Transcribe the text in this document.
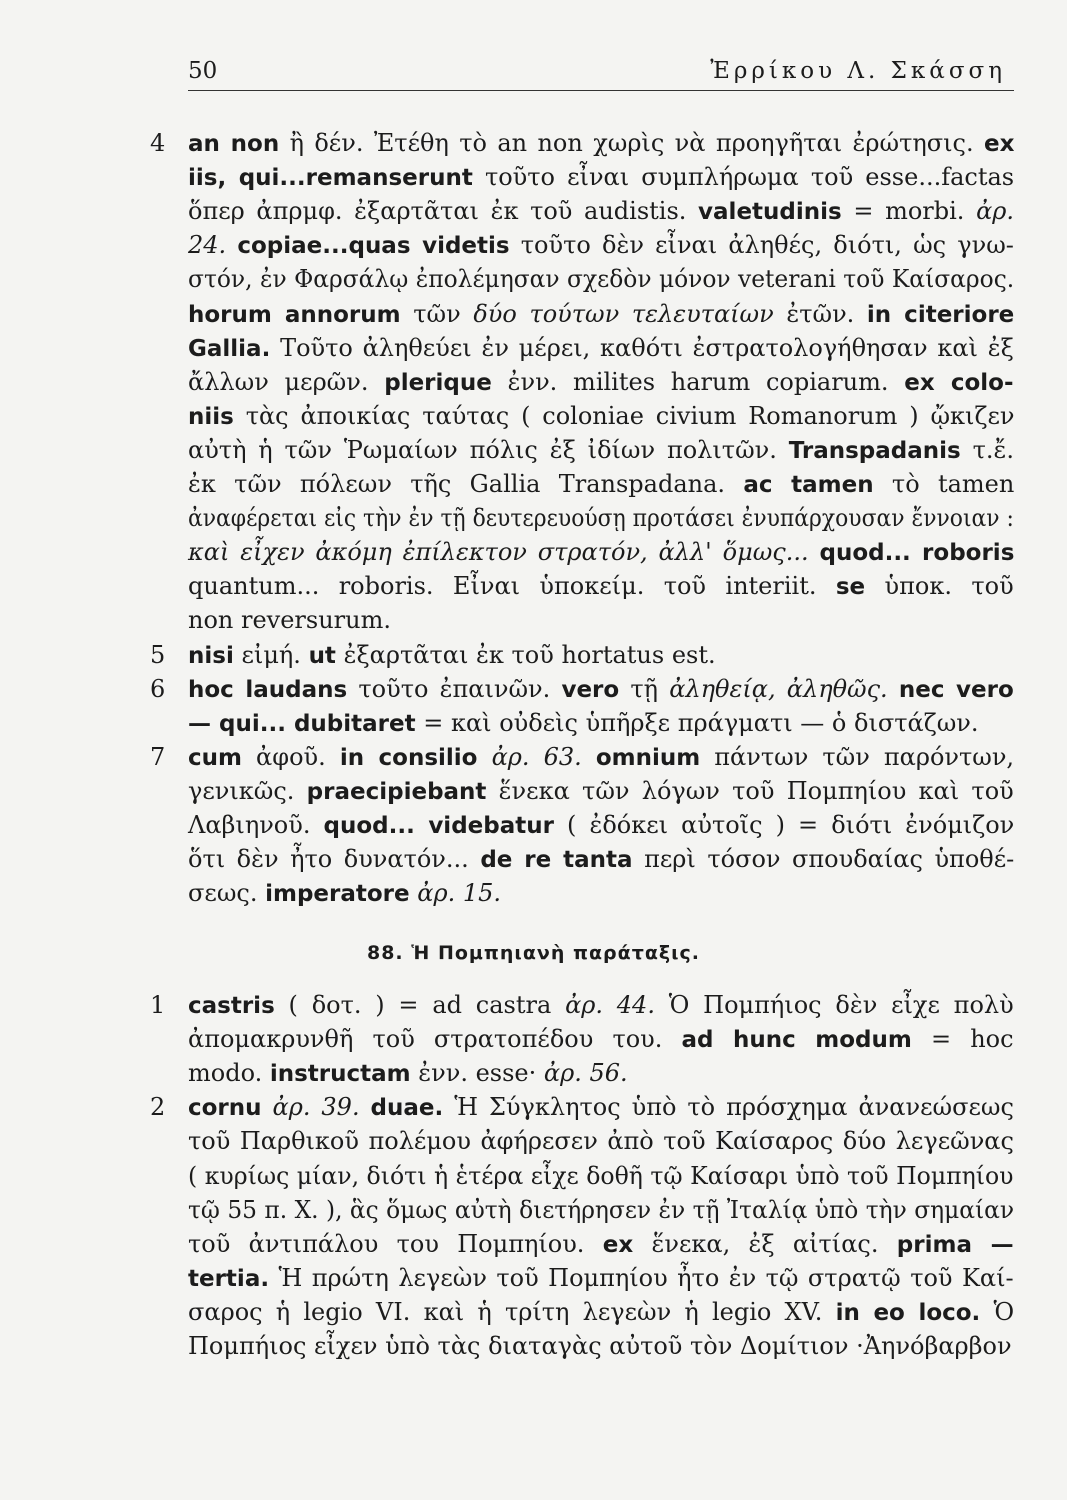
50	Ἐρρίκου Λ. Σκάσση
4 an non ἢ δέν. Ἐτέθη τὸ an non χωρὶς νὰ προηγῆται ἐρώτησις. ex
iis, qui...remanserunt τοῦτο εἶναι συμπλήρωμα τοῦ esse...factas
ὅπερ ἀπρμφ. ἐξαρτᾶται ἐκ τοῦ audistis. valetudinis = morbi. ἀρ.
24. copiae...quas videtis τοῦτο δὲν εἶναι ἀληθές, διότι, ὡς γνω-
στόν, ἐν Φαρσάλῳ ἐπολέμησαν σχεδὸν μόνον veterani τοῦ Καίσαρος.
horum annorum τῶν δύο τούτων τελευταίων ἐτῶν. in citeriore
Gallia. Τοῦτο ἀληθεύει ἐν μέρει, καθότι ἐστρατολογήθησαν καὶ ἐξ
ἄλλων μερῶν. plerique ἐνν. milites harum copiarum. ex colo-
niis τὰς ἀποικίας ταύτας ( coloniae civium Romanorum ) ᾤκιζεν
αὐτὴ ἡ τῶν Ῥωμαίων πόλις ἐξ ἰδίων πολιτῶν. Transpadanis τ.ἔ.
ἐκ τῶν πόλεων τῆς Gallia Transpadana. ac tamen τὸ tamen
ἀναφέρεται εἰς τὴν ἐν τῇ δευτερευούσῃ προτάσει ἐνυπάρχουσαν ἔννοιαν :
καὶ εἶχεν ἀκόμη ἐπίλεκτον στρατόν, ἀλλ' ὅμως... quod... roboris
quantum... roboris. Εἶναι ὑποκείμ. τοῦ interiit. se ὑποκ. τοῦ
non reversurum.
5 nisi εἰμή. ut ἐξαρτᾶται ἐκ τοῦ hortatus est.
6 hoc laudans τοῦτο ἐπαινῶν. vero τῇ ἀληθείᾳ, ἀληθῶς. nec vero
— qui... dubitaret = καὶ οὐδεὶς ὑπῆρξε πράγματι — ὁ διστάζων.
7 cum ἀφοῦ. in consilio ἀρ. 63. omnium πάντων τῶν παρόντων,
γενικῶς. praecipiebant ἕνεκα τῶν λόγων τοῦ Πομπηίου καὶ τοῦ
Λαβιηνοῦ. quod... videbatur ( ἐδόκει αὐτοῖς ) = διότι ἐνόμιζον
ὅτι δὲν ἦτο δυνατόν... de re tanta περὶ τόσον σπουδαίας ὑποθέ-
σεως. imperatore ἀρ. 15.
88. Ἡ Πομπηιανὴ παράταξις.
1 castris ( δοτ. ) = ad castra ἀρ. 44. Ὁ Πομπήιος δὲν εἶχε πολὺ
ἀπομακρυνθῆ τοῦ στρατοπέδου του. ad hunc modum = hoc
modo. instructam ἐνν. esse· ἀρ. 56.
2 cornu ἀρ. 39. duae. Ἡ Σύγκλητος ὑπὸ τὸ πρόσχημα ἀνανεώσεως
τοῦ Παρθικοῦ πολέμου ἀφήρεσεν ἀπὸ τοῦ Καίσαρος δύο λεγεῶνας
( κυρίως μίαν, διότι ἡ ἑτέρα εἶχε δοθῆ τῷ Καίσαρι ὑπὸ τοῦ Πομπηίου
τῷ 55 π. Χ. ), ἃς ὅμως αὐτὴ διετήρησεν ἐν τῇ Ἰταλίᾳ ὑπὸ τὴν σημαίαν
τοῦ ἀντιπάλου του Πομπηίου. ex ἕνεκα, ἐξ αἰτίας. prima —
tertia. Ἡ πρώτη λεγεὼν τοῦ Πομπηίου ἦτο ἐν τῷ στρατῷ τοῦ Καί-
σαρος ἡ legio VI. καὶ ἡ τρίτη λεγεὼν ἡ legio XV. in eo loco. Ὁ
Πομπήιος εἶχεν ὑπὸ τὰς διαταγὰς αὐτοῦ τὸν Δομίτιον ·Ἀηνόβαρβον
